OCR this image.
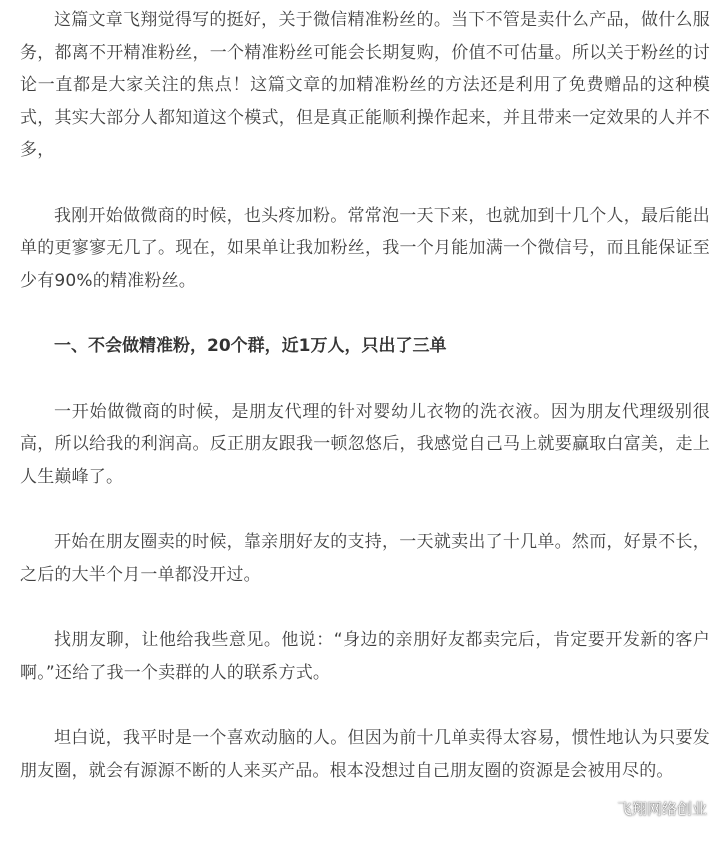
这篇文章飞翔觉得写的挺好，关于微信精准粉丝的。当下不管是卖什么产品，做什么服务，都离不开精准粉丝，一个精准粉丝可能会长期复购，价值不可估量。所以关于粉丝的讨论一直都是大家关注的焦点！这篇文章的加精准粉丝的方法还是利用了免费赠品的这种模式，其实大部分人都知道这个模式，但是真正能顺利操作起来，并且带来一定效果的人并不多，

我刚开始做微商的时候，也头疼加粉。常常泡一天下来，也就加到十几个人，最后能出单的更寥寥无几了。现在，如果单让我加粉丝，我一个月能加满一个微信号，而且能保证至少有90%的精准粉丝。

一、不会做精准粉，20个群，近1万人，只出了三单

一开始做微商的时候，是朋友代理的针对婴幼儿衣物的洗衣液。因为朋友代理级别很高，所以给我的利润高。反正朋友跟我一顿忽悠后，我感觉自己马上就要赢取白富美，走上人生巅峰了。

开始在朋友圈卖的时候，靠亲朋好友的支持，一天就卖出了十几单。然而，好景不长，之后的大半个月一单都没开过。

找朋友聊，让他给我些意见。他说：“身边的亲朋好友都卖完后，肯定要开发新的客户啊。”还给了我一个卖群的人的联系方式。

坦白说，我平时是一个喜欢动脑的人。但因为前十几单卖得太容易，惯性地认为只要发朋友圈，就会有源源不断的人来买产品。根本没想过自己朋友圈的资源是会被用尽的。

飞翔网络创业
